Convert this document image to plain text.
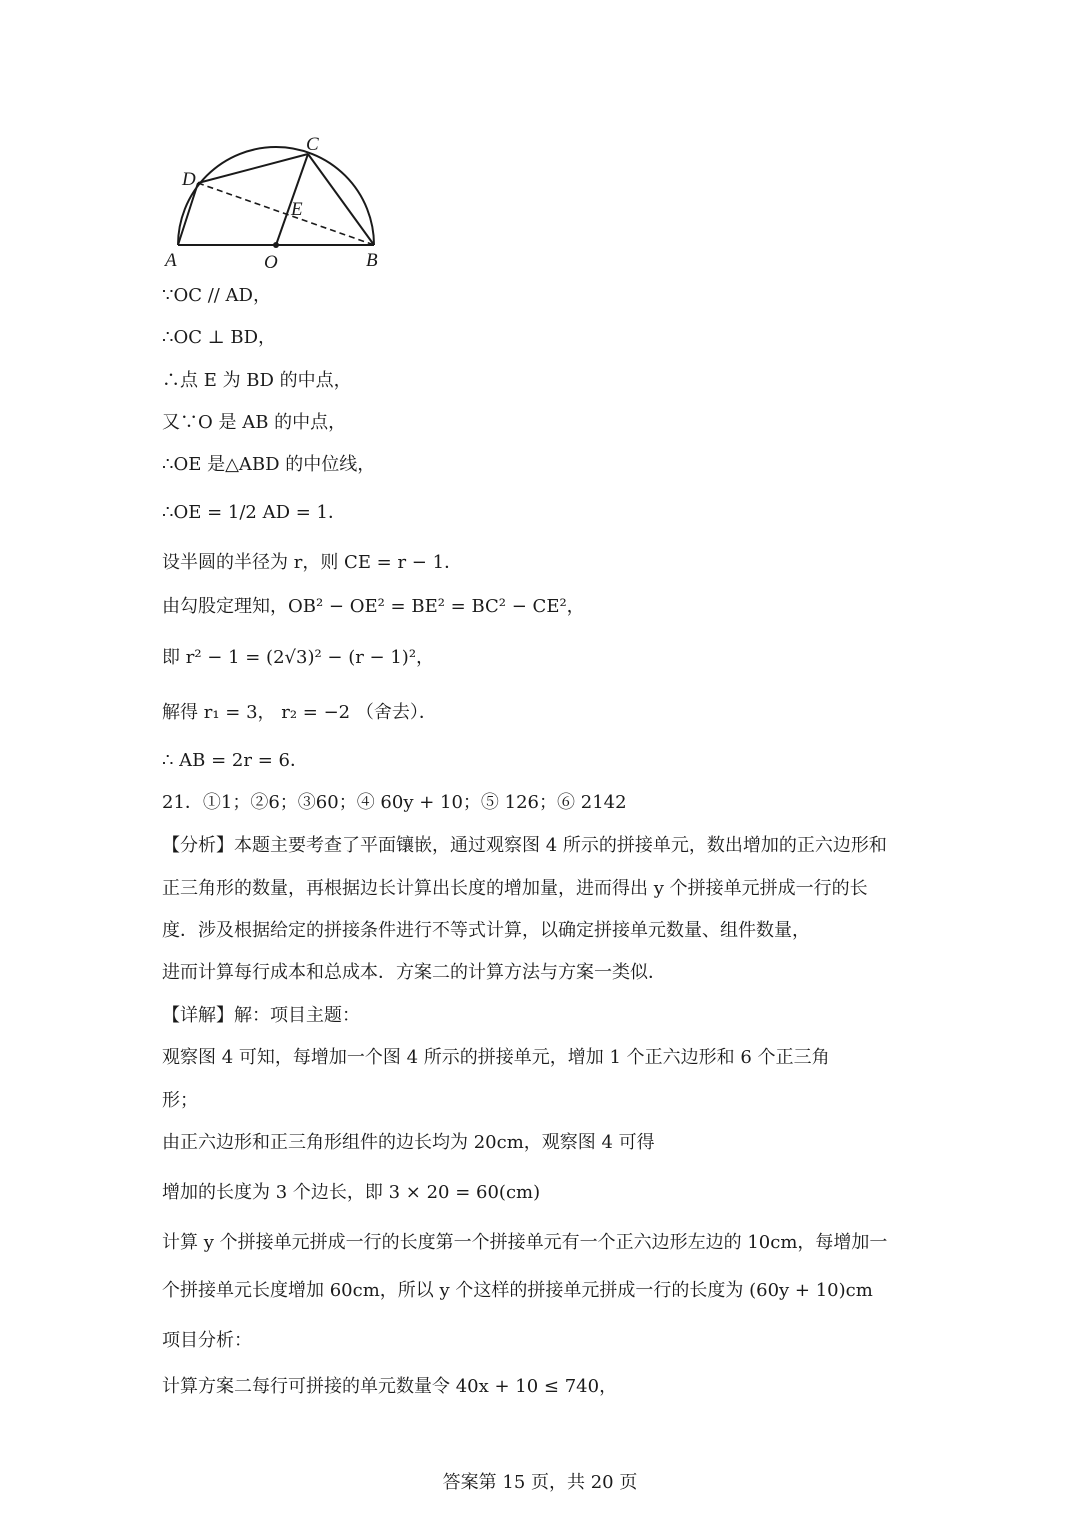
A	O	B
C
D
E
∵OC // AD，
∴OC ⊥ BD，
∴点 E 为 BD 的中点，
又∵O 是 AB 的中点，
∴OE 是△ABD 的中位线，
∴OE = 1/2 AD = 1．
设半圆的半径为 r，则 CE = r − 1．
由勾股定理知，OB² − OE² = BE² = BC² − CE²，
即 r² − 1 = (2√3)² − (r − 1)²，
解得 r₁ = 3， r₂ = −2 （舍去）．
∴ AB = 2r = 6．
21．①1；②6；③60；④ 60y + 10；⑤ 126；⑥ 2142
【分析】本题主要考查了平面镶嵌，通过观察图 4 所示的拼接单元，数出增加的正六边形和
正三角形的数量，再根据边长计算出长度的增加量，进而得出 y 个拼接单元拼成一行的长
度．涉及根据给定的拼接条件进行不等式计算，以确定拼接单元数量、组件数量，
进而计算每行成本和总成本．方案二的计算方法与方案一类似．
【详解】解：项目主题：
观察图 4 可知，每增加一个图 4 所示的拼接单元，增加 1 个正六边形和 6 个正三角
形；
由正六边形和正三角形组件的边长均为 20cm，观察图 4 可得
增加的长度为 3 个边长，即 3 × 20 = 60(cm)
计算 y 个拼接单元拼成一行的长度第一个拼接单元有一个正六边形左边的 10cm，每增加一
个拼接单元长度增加 60cm，所以 y 个这样的拼接单元拼成一行的长度为 (60y + 10)cm
项目分析：
计算方案二每行可拼接的单元数量令 40x + 10 ≤ 740，
答案第 15 页，共 20 页
